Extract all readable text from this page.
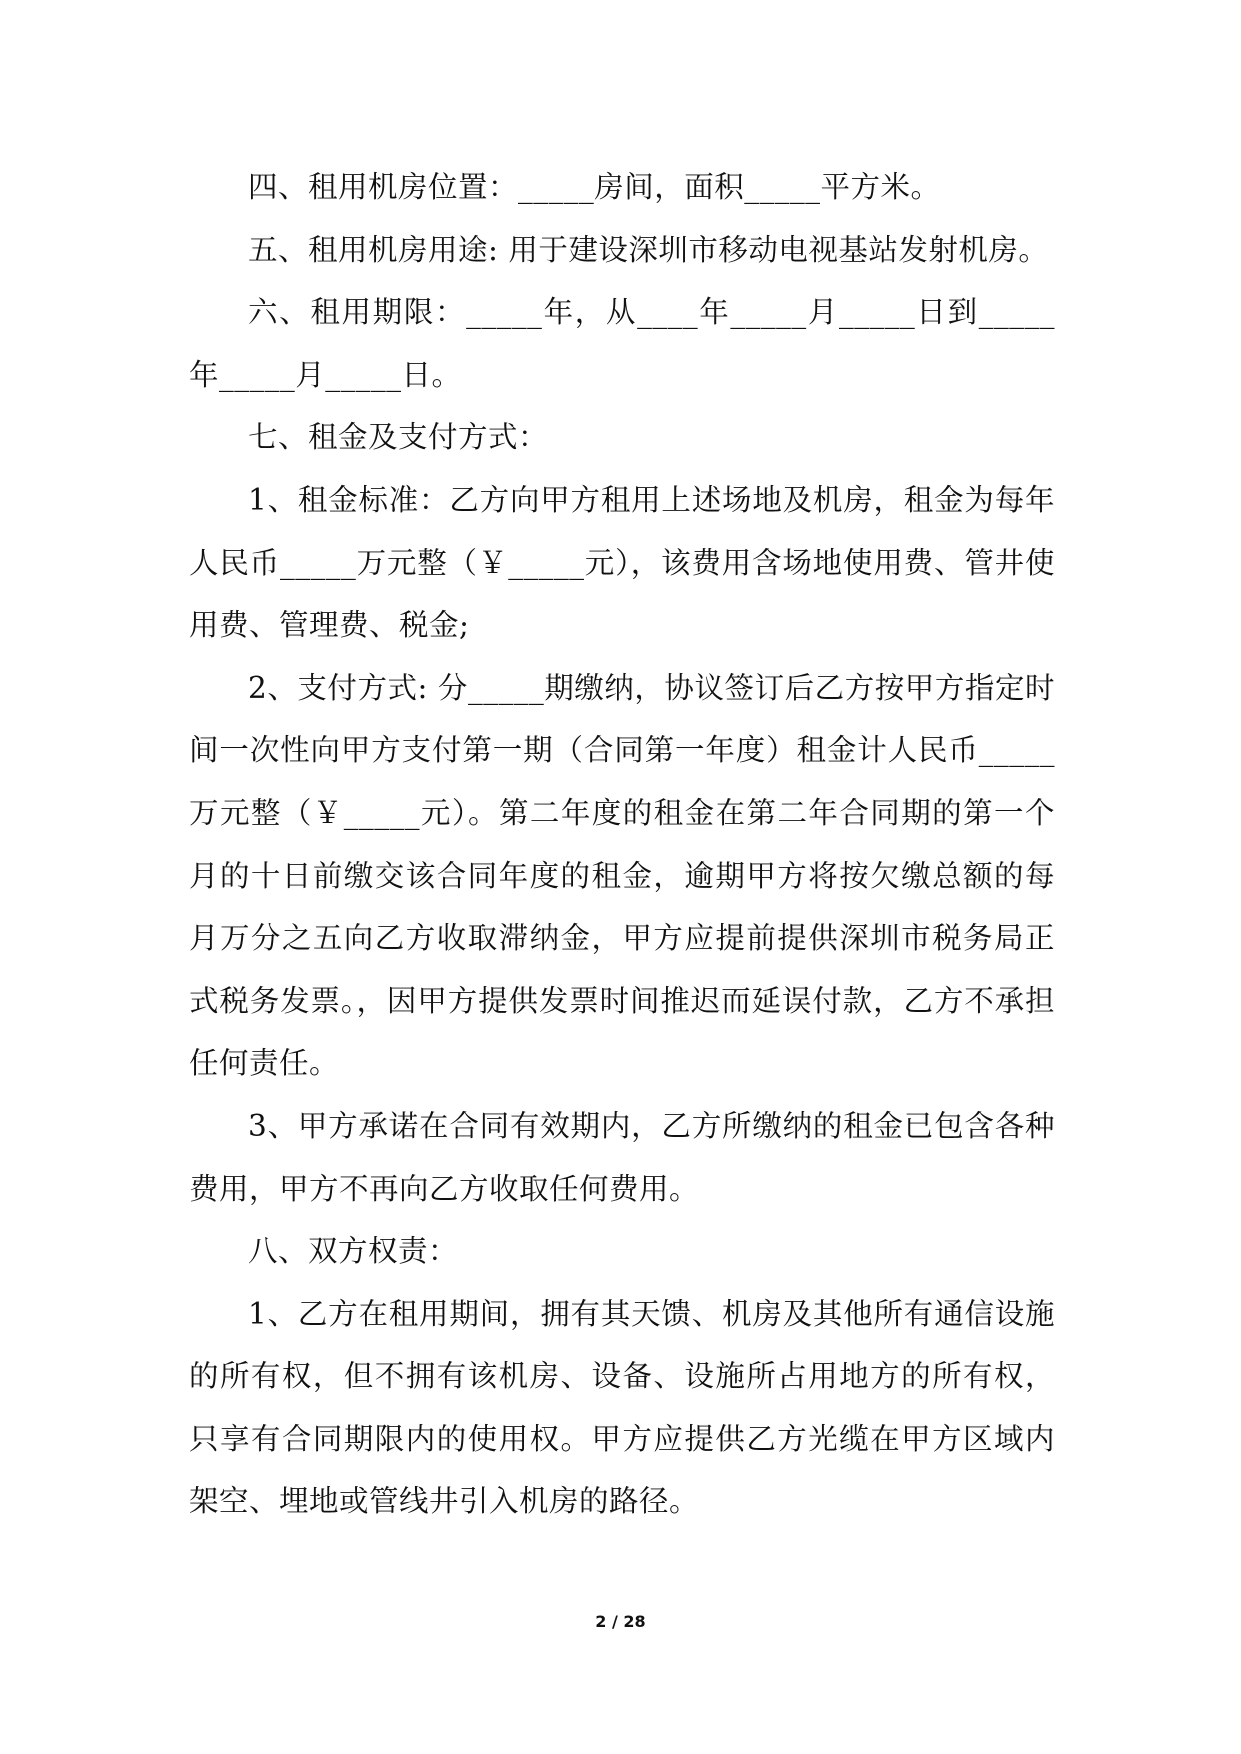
四、租用机房位置：_____房间，面积_____平方米。

五、租用机房用途: 用于建设深圳市移动电视基站发射机房。

六、租用期限：_____年，从____年_____月_____日到_____年_____月_____日。

七、租金及支付方式：

1、租金标准：乙方向甲方租用上述场地及机房，租金为每年人民币_____万元整（￥_____元），该费用含场地使用费、管井使用费、管理费、税金;

2、支付方式: 分_____期缴纳，协议签订后乙方按甲方指定时间一次性向甲方支付第一期（合同第一年度）租金计人民币_____万元整（￥_____元）。第二年度的租金在第二年合同期的第一个月的十日前缴交该合同年度的租金，逾期甲方将按欠缴总额的每月万分之五向乙方收取滞纳金，甲方应提前提供深圳市税务局正式税务发票。，因甲方提供发票时间推迟而延误付款，乙方不承担任何责任。

3、甲方承诺在合同有效期内，乙方所缴纳的租金已包含各种费用，甲方不再向乙方收取任何费用。

八、双方权责：

1、乙方在租用期间，拥有其天馈、机房及其他所有通信设施的所有权，但不拥有该机房、设备、设施所占用地方的所有权，只享有合同期限内的使用权。甲方应提供乙方光缆在甲方区域内架空、埋地或管线井引入机房的路径。

2 / 28
